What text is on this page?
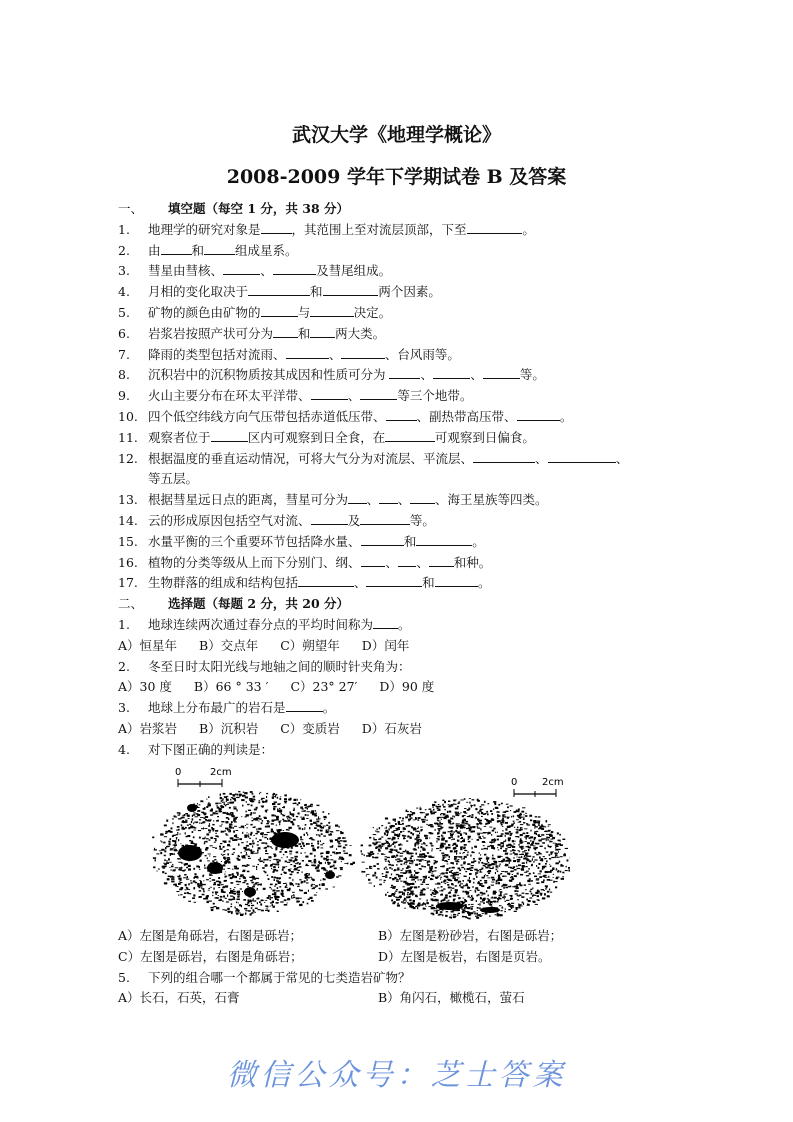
武汉大学《地理学概论》
2008-2009 学年下学期试卷 B 及答案
一、 填空题（每空 1 分，共 38 分）
1. 地理学的研究对象是 ，其范围上至对流层顶部，下至	。
2. 由 和 组成星系。
3. 彗星由彗核、	、	及彗尾组成。
4. 月相的变化取决于	和	两个因素。
5. 矿物的颜色由矿物的	与	决定。
6. 岩浆岩按照产状可分为 和 两大类。
7. 降雨的类型包括对流雨、	、	、台风雨等。
8. 沉积岩中的沉积物质按其成因和性质可分为 、	、	等。
9. 火山主要分布在环太平洋带、	、	等三个地带。
10. 四个低空纬线方向气压带包括赤道低压带、 、副热带高压带、	。
11. 观察者位于	区内可观察到日全食，在	可观察到日偏食。
12. 根据温度的垂直运动情况，可将大气分为对流层、平流层、	、	、
等五层。
13. 根据彗星远日点的距离，彗星可分为 、 、 、海王星族等四类。
14. 云的形成原因包括空气对流、	及	等。
15. 水量平衡的三个重要环节包括降水量、	和	。
16. 植物的分类等级从上而下分别门、纲、 、 、 和种。
17. 生物群落的组成和结构包括	、	和	。
二、 选择题（每题 2 分，共 20 分）
1. 地球连续两次通过春分点的平均时间称为 。
A）恒星年 B）交点年 C）朔望年 D）闰年
2. 冬至日时太阳光线与地轴之间的顺时针夹角为：
A）30 度 B）66 ° 33 ′ C）23° 27′ D）90 度
3. 地球上分布最广的岩石是	。
A）岩浆岩 B）沉积岩 C）变质岩 D）石灰岩
4. 对下图正确的判读是：
0	2cm
0 2cm
A）左图是角砾岩，右图是砾岩；	B）左图是粉砂岩，右图是砾岩；
C）左图是砾岩，右图是角砾岩；	D）左图是板岩，右图是页岩。
5. 下列的组合哪一个都属于常见的七类造岩矿物？
A）长石，石英，石膏	B）角闪石，橄榄石，萤石
微信公众号：芝士答案
